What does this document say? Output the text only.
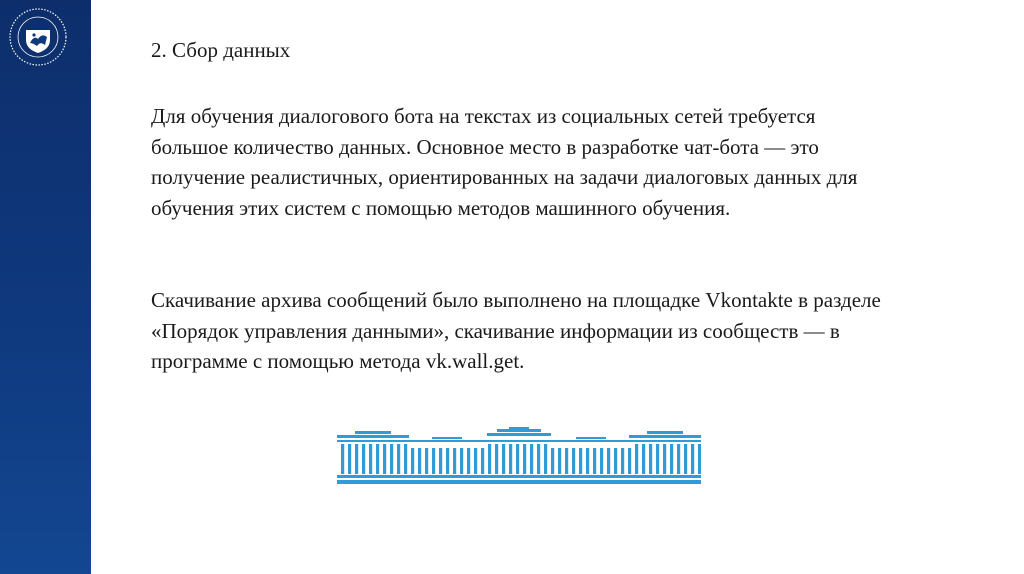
2. Сбор данных

Для обучения диалогового бота на текстах из социальных сетей требуется большое количество данных. Основное место в разработке чат-бота — это получение реалистичных, ориентированных на задачи диалоговых данных для обучения этих систем с помощью методов машинного обучения.

Скачивание архива сообщений было выполнено на площадке Vkontakte в разделе «Порядок управления данными», скачивание информации из сообществ — в программе с помощью метода vk.wall.get.
